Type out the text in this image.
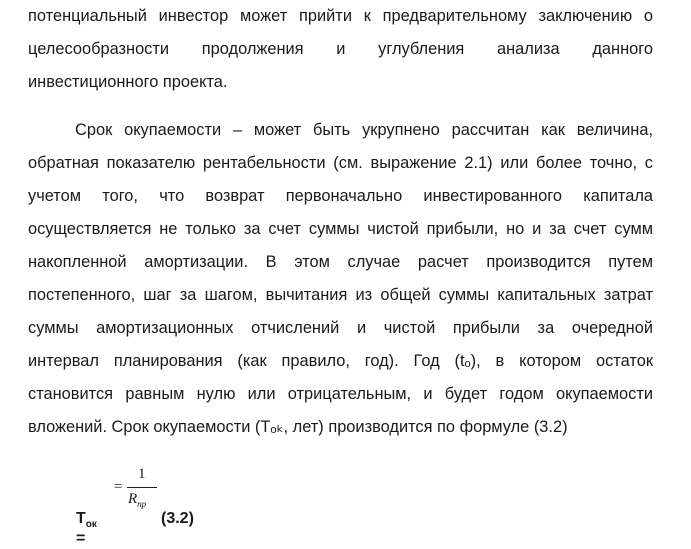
потенциальный инвестор может прийти к предварительному заключению о
целесообразности продолжения и углубления анализа данного
инвестиционного проекта.
Срок окупаемости – может быть укрупнено рассчитан как величина,
обратная показателю рентабельности (см. выражение 2.1) или более точно, с
учетом того, что возврат первоначально инвестированного капитала
осуществляется не только за счет суммы чистой прибыли, но и за счет сумм
накопленной амортизации. В этом случае расчет производится путем
постепенного, шаг за шагом, вычитания из общей суммы капитальных затрат
суммы амортизационных отчислений и чистой прибыли за очередной
интервал планирования (как правило, год). Год (tₒ), в котором остаток
становится равным нулю или отрицательным, и будет годом окупаемости
вложений. Срок окупаемости (Тₒₖ, лет) производится по формуле (3.2)
=
1
$R_{пр}$
$Т_{ок}$ =
(3.2)
